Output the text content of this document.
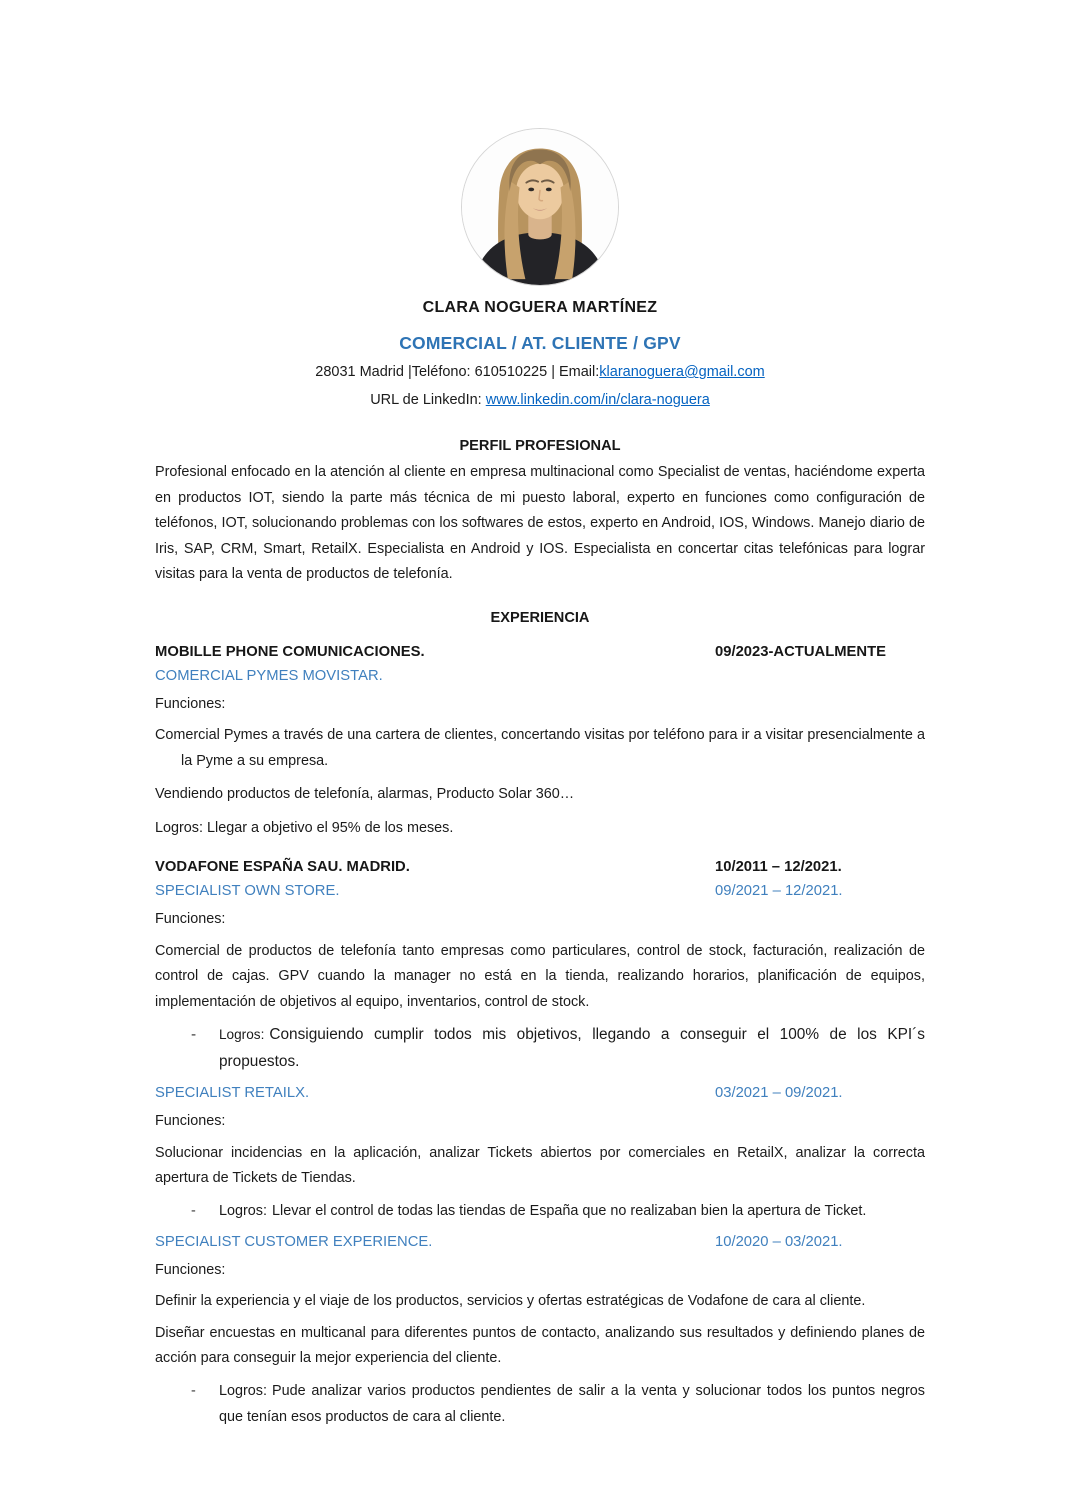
CLARA NOGUERA MARTÍNEZ
COMERCIAL / AT. CLIENTE / GPV

28031 Madrid |Teléfono: 610510225 | Email:klaranoguera@gmail.com

URL de LinkedIn: www.linkedin.com/in/clara-noguera

PERFIL PROFESIONAL

Profesional enfocado en la atención al cliente en empresa multinacional como Specialist de ventas, haciéndome experta en productos IOT, siendo la parte más técnica de mi puesto laboral, experto en funciones como configuración de teléfonos, IOT, solucionando problemas con los softwares de estos, experto en Android, IOS, Windows. Manejo diario de Iris, SAP, CRM, Smart, RetailX. Especialista en Android y IOS. Especialista en concertar citas telefónicas para lograr visitas para la venta de productos de telefonía.

EXPERIENCIA
MOBILLE PHONE COMUNICACIONES.	09/2023-ACTUALMENTE
COMERCIAL PYMES MOVISTAR.

Funciones:

Comercial Pymes a través de una cartera de clientes, concertando visitas por teléfono para ir a visitar presencialmente a la Pyme a su empresa.

Vendiendo productos de telefonía, alarmas, Producto Solar 360…

Logros: Llegar a objetivo el 95% de los meses.

VODAFONE ESPAÑA SAU. MADRID.	10/2011 – 12/2021.
SPECIALIST OWN STORE.	09/2021 – 12/2021.

Funciones:

Comercial de productos de telefonía tanto empresas como particulares, control de stock, facturación, realización de control de cajas. GPV cuando la manager no está en la tienda, realizando horarios, planificación de equipos, implementación de objetivos al equipo, inventarios, control de stock.

- Logros: Consiguiendo cumplir todos mis objetivos, llegando a conseguir el 100% de los KPI´s propuestos.
SPECIALIST RETAILX.	03/2021 – 09/2021.

Funciones:

Solucionar incidencias en la aplicación, analizar Tickets abiertos por comerciales en RetailX, analizar la correcta apertura de Tickets de Tiendas.

- Logros: Llevar el control de todas las tiendas de España que no realizaban bien la apertura de Ticket.
SPECIALIST CUSTOMER EXPERIENCE.	10/2020 – 03/2021.

Funciones:

Definir la experiencia y el viaje de los productos, servicios y ofertas estratégicas de Vodafone de cara al cliente.

Diseñar encuestas en multicanal para diferentes puntos de contacto, analizando sus resultados y definiendo planes de acción para conseguir la mejor experiencia del cliente.

- Logros: Pude analizar varios productos pendientes de salir a la venta y solucionar todos los puntos negros que tenían esos productos de cara al cliente.
